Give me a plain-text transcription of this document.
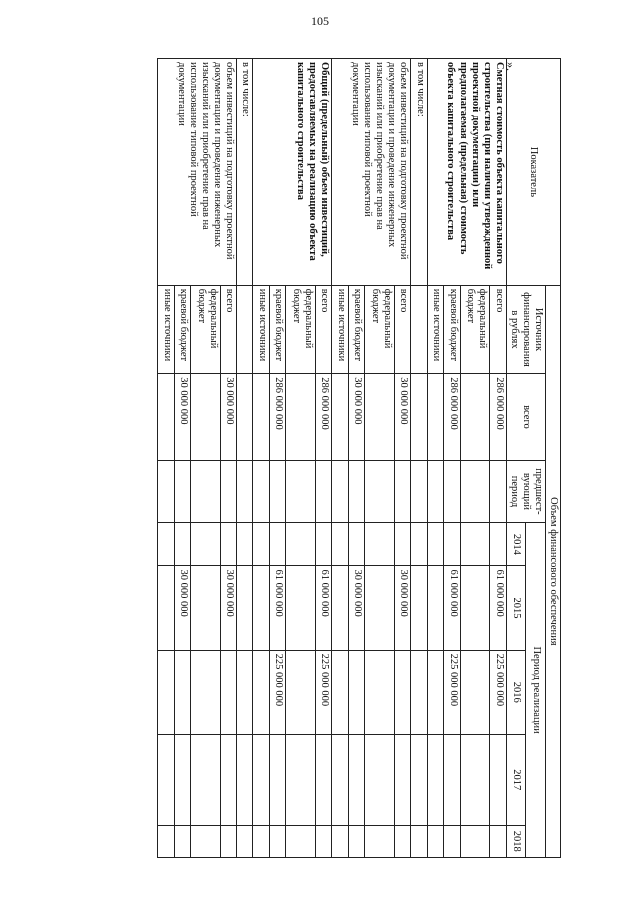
105
».
Показатель	Объем финансового обеспечения							
	Источник финансирования в рублях	всего	предшест-вующий период	Период реализации				
				2014	2015	2016	2017	2018
Сметная стоимость объекта капитального строительства (при наличии утвержденной проектной документации) или предполагаемая (предельная) стоимость объекта капитального строительства	всего	286 000 000			61 000 000	225 000 000		
	федеральный бюджет							
	краевой бюджет	286 000 000			61 000 000	225 000 000		
	иные источники							
в том числе:								
объем инвестиций на подготовку проектной документации и проведение инженерных изысканий или приобретение прав на использование типовой проектной документации	всего	30 000 000			30 000 000			
	федеральный бюджет							
	краевой бюджет	30 000 000			30 000 000			
	иные источники							
Общий (предельный) объем инвестиций, предоставляемых на реализацию объекта капитального строительства	всего	286 000 000			61 000 000	225 000 000		
	федеральный бюджет							
	краевой бюджет	286 000 000			61 000 000	225 000 000		
	иные источники							
в том числе:								
объем инвестиций на подготовку проектной документации и проведение инженерных изысканий или приобретение прав на использование типовой проектной документации	всего	30 000 000			30 000 000			
	федеральный бюджет							
	краевой бюджет	30 000 000			30 000 000			
	иные источники							
